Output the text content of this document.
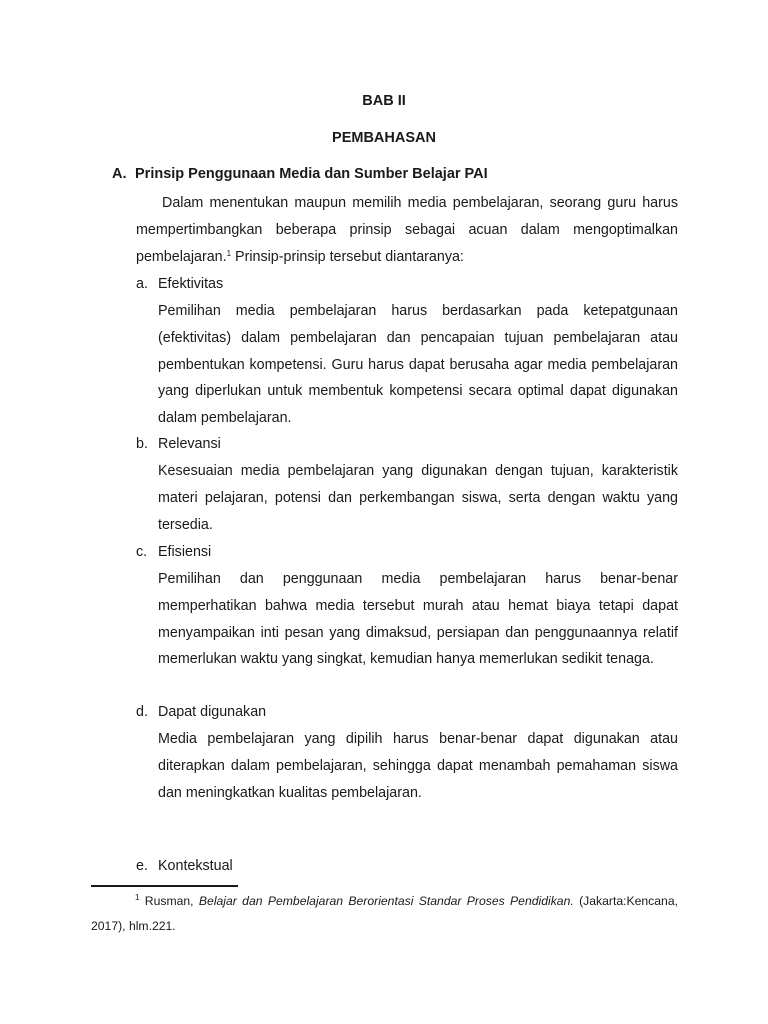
BAB II
PEMBAHASAN
A. Prinsip Penggunaan Media dan Sumber Belajar PAI
Dalam menentukan maupun memilih media pembelajaran, seorang guru harus mempertimbangkan beberapa prinsip sebagai acuan dalam mengoptimalkan pembelajaran.$^1$ Prinsip-prinsip tersebut diantaranya:
a. Efektivitas
Pemilihan media pembelajaran harus berdasarkan pada ketepatgunaan (efektivitas) dalam pembelajaran dan pencapaian tujuan pembelajaran atau pembentukan kompetensi. Guru harus dapat berusaha agar media pembelajaran yang diperlukan untuk membentuk kompetensi secara optimal dapat digunakan dalam pembelajaran.
b. Relevansi
Kesesuaian media pembelajaran yang digunakan dengan tujuan, karakteristik materi pelajaran, potensi dan perkembangan siswa, serta dengan waktu yang tersedia.
c. Efisiensi
Pemilihan dan penggunaan media pembelajaran harus benar-benar memperhatikan bahwa media tersebut murah atau hemat biaya tetapi dapat menyampaikan inti pesan yang dimaksud, persiapan dan penggunaannya relatif memerlukan waktu yang singkat, kemudian hanya memerlukan sedikit tenaga.
d. Dapat digunakan
Media pembelajaran yang dipilih harus benar-benar dapat digunakan atau diterapkan dalam pembelajaran, sehingga dapat menambah pemahaman siswa dan meningkatkan kualitas pembelajaran.
e. Kontekstual
$^1$ Rusman, Belajar dan Pembelajaran Berorientasi Standar Proses Pendidikan. (Jakarta:Kencana, 2017), hlm.221.
